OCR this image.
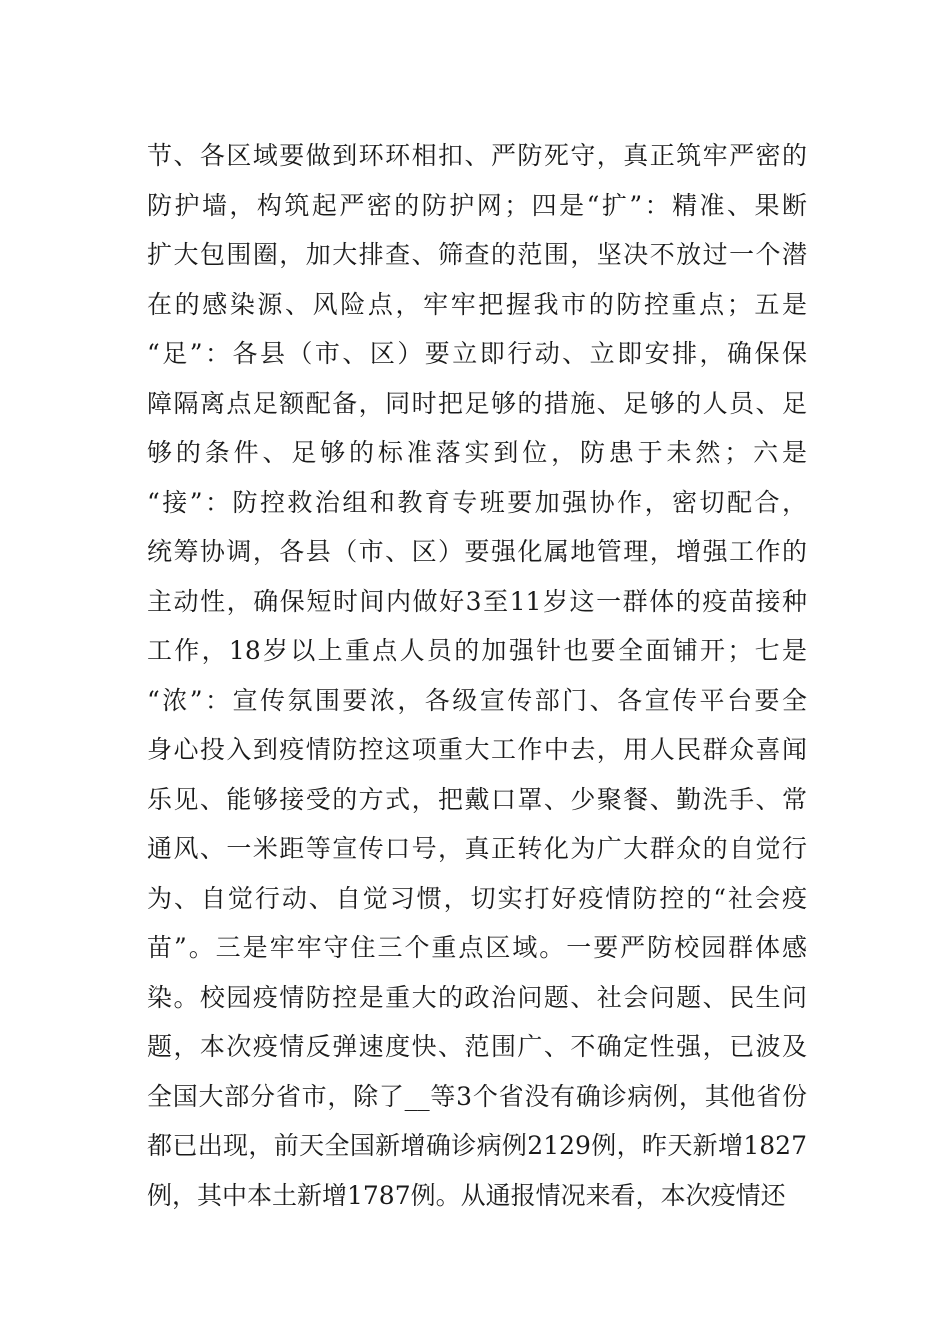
节、各区域要做到环环相扣、严防死守，真正筑牢严密的
防护墙，构筑起严密的防护网；四是“扩”：精准、果断
扩大包围圈，加大排查、筛查的范围，坚决不放过一个潜
在的感染源、风险点，牢牢把握我市的防控重点；五是
“足”：各县（市、区）要立即行动、立即安排，确保保
障隔离点足额配备，同时把足够的措施、足够的人员、足
够的条件、足够的标准落实到位，防患于未然；六是
“接”：防控救治组和教育专班要加强协作，密切配合，
统筹协调，各县（市、区）要强化属地管理，增强工作的
主动性，确保短时间内做好3至11岁这一群体的疫苗接种
工作，18岁以上重点人员的加强针也要全面铺开；七是
“浓”：宣传氛围要浓，各级宣传部门、各宣传平台要全
身心投入到疫情防控这项重大工作中去，用人民群众喜闻
乐见、能够接受的方式，把戴口罩、少聚餐、勤洗手、常
通风、一米距等宣传口号，真正转化为广大群众的自觉行
为、自觉行动、自觉习惯，切实打好疫情防控的“社会疫
苗”。三是牢牢守住三个重点区域。一要严防校园群体感
染。校园疫情防控是重大的政治问题、社会问题、民生问
题，本次疫情反弹速度快、范围广、不确定性强，已波及
全国大部分省市，除了__等3个省没有确诊病例，其他省份
都已出现，前天全国新增确诊病例2129例，昨天新增1827
例，其中本土新增1787例。从通报情况来看，本次疫情还
